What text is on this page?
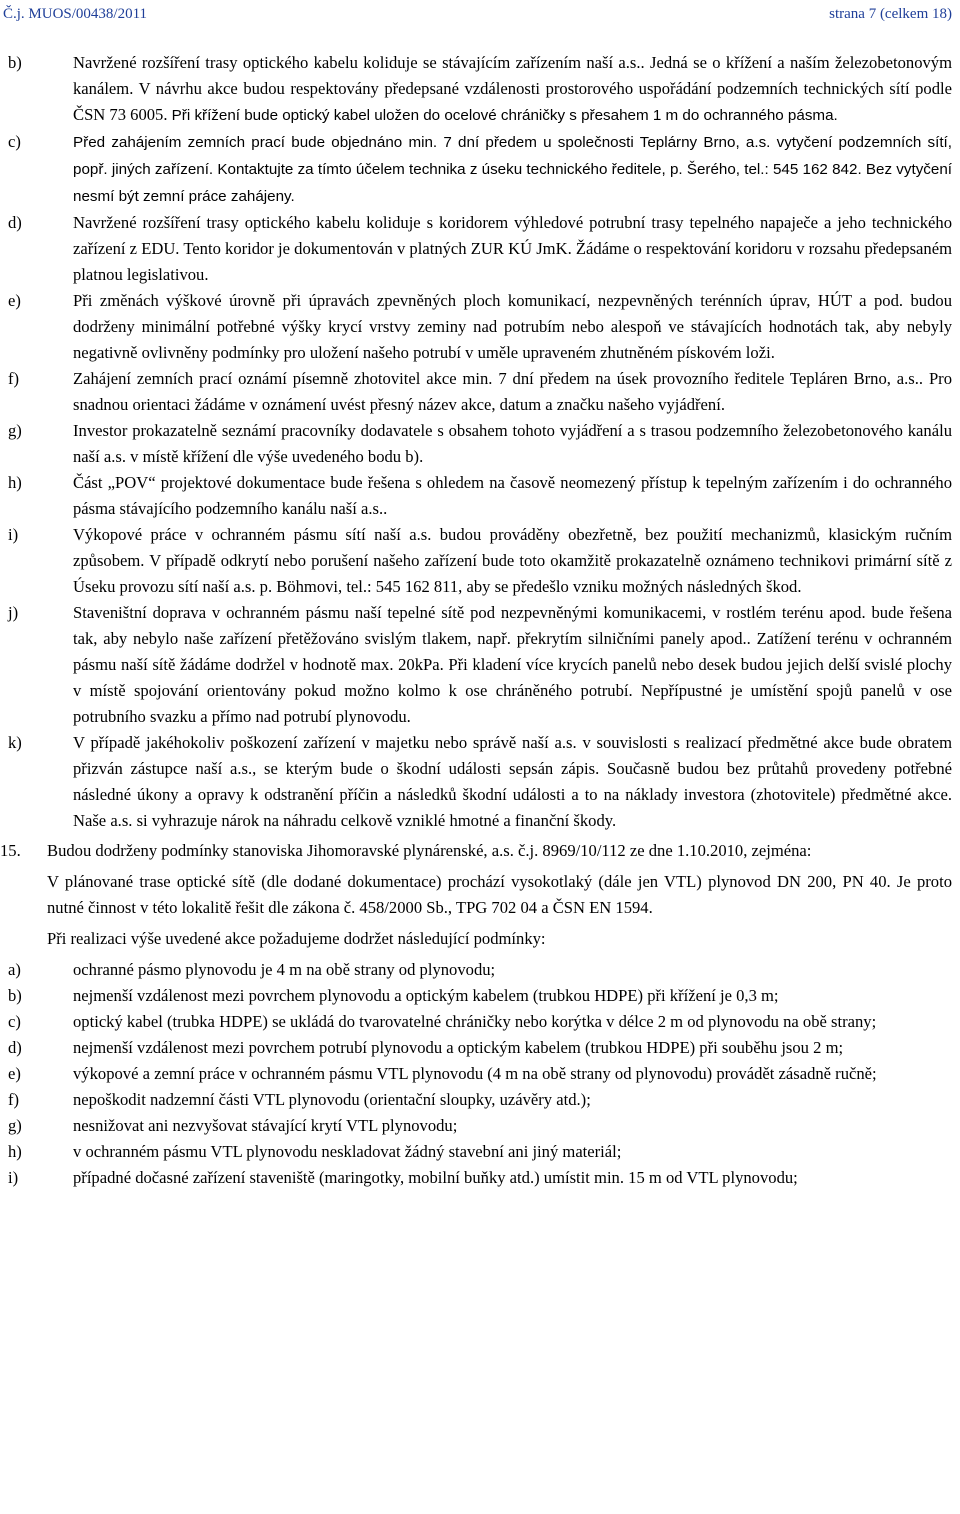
Č.j. MUOS/00438/2011	strana 7 (celkem 18)
b)	Navržené rozšíření trasy optického kabelu koliduje se stávajícím zařízením naší a.s.. Jedná se o křížení a naším železobetonovým kanálem. V návrhu akce budou respektovány předepsané vzdálenosti prostorového uspořádání podzemních technických sítí podle ČSN 73 6005. Při křížení bude optický kabel uložen do ocelové chráničky s přesahem 1 m do ochranného pásma.
c)	Před zahájením zemních prací bude objednáno min. 7 dní předem u společnosti Teplárny Brno, a.s. vytyčení podzemních sítí, popř. jiných zařízení. Kontaktujte za tímto účelem technika z úseku technického ředitele, p. Šerého, tel.: 545 162 842. Bez vytyčení nesmí být zemní práce zahájeny.
d)	Navržené rozšíření trasy optického kabelu koliduje s koridorem výhledové potrubní trasy tepelného napaječe a jeho technického zařízení z EDU. Tento koridor je dokumentován v platných ZUR KÚ JmK. Žádáme o respektování koridoru v rozsahu předepsaném platnou legislativou.
e)	Při změnách výškové úrovně při úpravách zpevněných ploch komunikací, nezpevněných terénních úprav, HÚT a pod. budou dodrženy minimální potřebné výšky krycí vrstvy zeminy nad potrubím nebo alespoň ve stávajících hodnotách tak, aby nebyly negativně ovlivněny podmínky pro uložení našeho potrubí v uměle upraveném zhutněném pískovém loži.
f)	Zahájení zemních prací oznámí písemně zhotovitel akce min. 7 dní předem na úsek provozního ředitele Tepláren Brno, a.s.. Pro snadnou orientaci žádáme v oznámení uvést přesný název akce, datum a značku našeho vyjádření.
g)	Investor prokazatelně seznámí pracovníky dodavatele s obsahem tohoto vyjádření a s trasou podzemního železobetonového kanálu naší a.s. v místě křížení dle výše uvedeného bodu b).
h)	Část „POV“ projektové dokumentace bude řešena s ohledem na časově neomezený přístup k tepelným zařízením i do ochranného pásma stávajícího podzemního kanálu naší a.s..
i)	Výkopové práce v ochranném pásmu sítí naší a.s. budou prováděny obezřetně, bez použití mechanizmů, klasickým ručním způsobem. V případě odkrytí nebo porušení našeho zařízení bude toto okamžitě prokazatelně oznámeno technikovi primární sítě z Úseku provozu sítí naší a.s. p. Böhmovi, tel.: 545 162 811, aby se předešlo vzniku možných následných škod.
j)	Staveništní doprava v ochranném pásmu naší tepelné sítě pod nezpevněnými komunikacemi, v rostlém terénu apod. bude řešena tak, aby nebylo naše zařízení přetěžováno svislým tlakem, např. překrytím silničními panely apod.. Zatížení terénu v ochranném pásmu naší sítě žádáme dodržel v hodnotě max. 20kPa. Při kladení více krycích panelů nebo desek budou jejich delší svislé plochy v místě spojování orientovány pokud možno kolmo k ose chráněného potrubí. Nepřípustné je umístění spojů panelů v ose potrubního svazku a přímo nad potrubí plynovodu.
k)	V případě jakéhokoliv poškození zařízení v majetku nebo správě naší a.s. v souvislosti s realizací předmětné akce bude obratem přizván zástupce naší a.s., se kterým bude o škodní události sepsán zápis. Současně budou bez průtahů provedeny potřebné následné úkony a opravy k odstranění příčin a následků škodní události a to na náklady investora (zhotovitele) předmětné akce. Naše a.s. si vyhrazuje nárok na náhradu celkově vzniklé hmotné a finanční škody.
15. Budou dodrženy podmínky stanoviska Jihomoravské plynárenské, a.s. č.j. 8969/10/112 ze dne 1.10.2010, zejména:
V plánované trase optické sítě (dle dodané dokumentace) prochází vysokotlaký (dále jen VTL) plynovod DN 200, PN 40. Je proto nutné činnost v této lokalitě řešit dle zákona č. 458/2000 Sb., TPG 702 04 a ČSN EN 1594.
Při realizaci výše uvedené akce požadujeme dodržet následující podmínky:
a)	ochranné pásmo plynovodu je 4 m na obě strany od plynovodu;
b)	nejmenší vzdálenost mezi povrchem plynovodu a optickým kabelem (trubkou HDPE) při křížení je 0,3 m;
c)	optický kabel (trubka HDPE) se ukládá do tvarovatelné chráničky nebo korýtka v délce 2 m od plynovodu na obě strany;
d)	nejmenší vzdálenost mezi povrchem potrubí plynovodu a optickým kabelem (trubkou HDPE) při souběhu jsou 2 m;
e)	výkopové a zemní práce v ochranném pásmu VTL plynovodu (4 m na obě strany od plynovodu) provádět zásadně ručně;
f)	nepoškodit nadzemní části VTL plynovodu (orientační sloupky, uzávěry atd.);
g)	nesnižovat ani nezvyšovat stávající krytí VTL plynovodu;
h)	v ochranném pásmu VTL plynovodu neskladovat žádný stavební ani jiný materiál;
i)	případné dočasné zařízení staveniště (maringotky, mobilní buňky atd.) umístit min. 15 m od VTL plynovodu;
